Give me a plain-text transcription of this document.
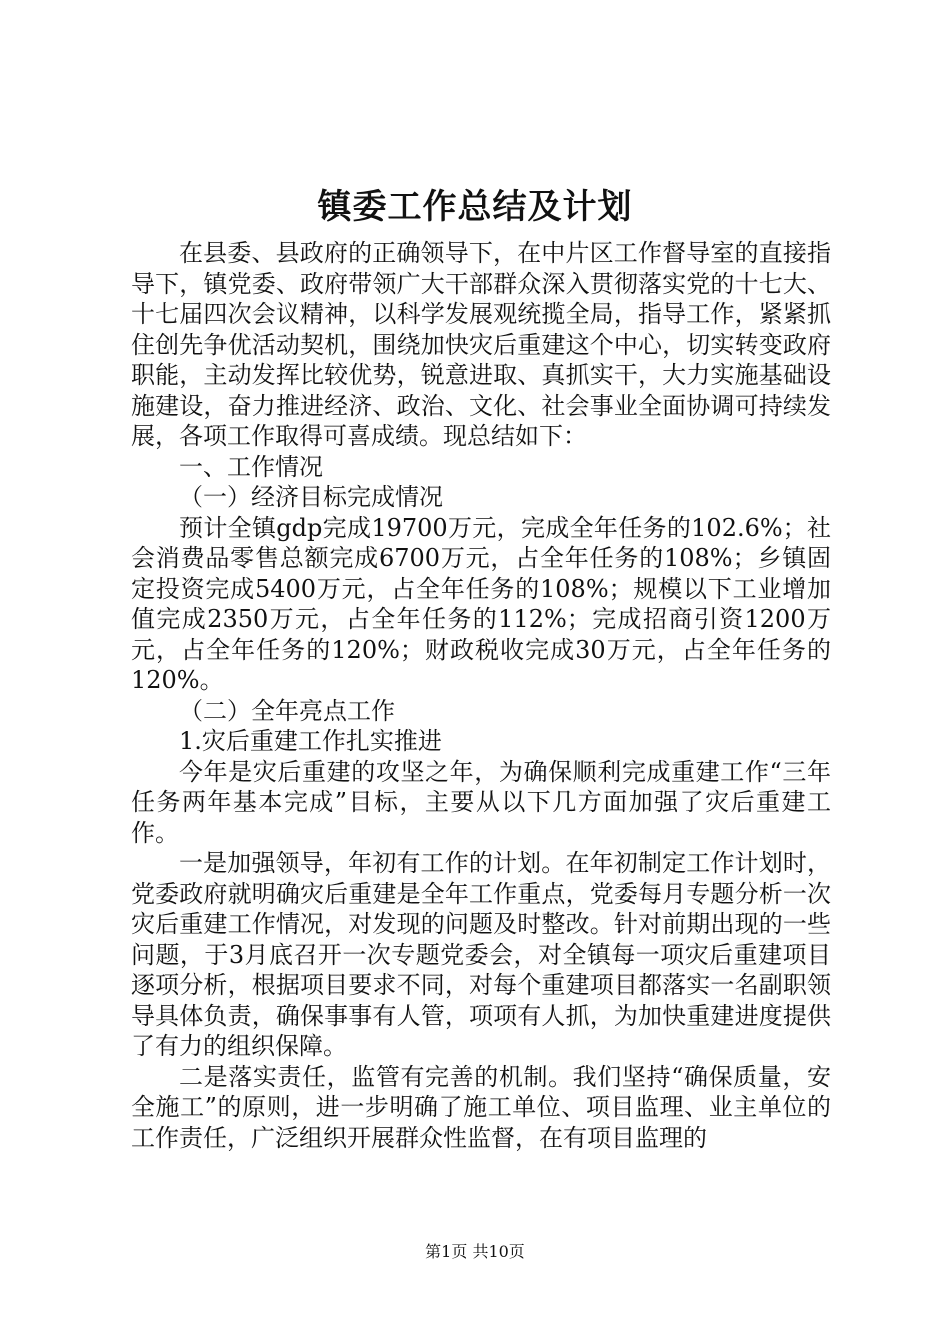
镇委工作总结及计划

在县委、县政府的正确领导下，在中片区工作督导室的直接指导下，镇党委、政府带领广大干部群众深入贯彻落实党的十七大、十七届四次会议精神，以科学发展观统揽全局，指导工作，紧紧抓住创先争优活动契机，围绕加快灾后重建这个中心，切实转变政府职能，主动发挥比较优势，锐意进取、真抓实干，大力实施基础设施建设，奋力推进经济、政治、文化、社会事业全面协调可持续发展，各项工作取得可喜成绩。现总结如下：

一、工作情况

（一）经济目标完成情况

预计全镇gdp完成19700万元，完成全年任务的102.6%；社会消费品零售总额完成6700万元，占全年任务的108%；乡镇固定投资完成5400万元，占全年任务的108%；规模以下工业增加值完成2350万元，占全年任务的112%；完成招商引资1200万元，占全年任务的120%；财政税收完成30万元，占全年任务的120%。

（二）全年亮点工作

1.灾后重建工作扎实推进

今年是灾后重建的攻坚之年，为确保顺利完成重建工作“三年任务两年基本完成”目标，主要从以下几方面加强了灾后重建工作。

一是加强领导，年初有工作的计划。在年初制定工作计划时，党委政府就明确灾后重建是全年工作重点，党委每月专题分析一次灾后重建工作情况，对发现的问题及时整改。针对前期出现的一些问题，于3月底召开一次专题党委会，对全镇每一项灾后重建项目逐项分析，根据项目要求不同，对每个重建项目都落实一名副职领导具体负责，确保事事有人管，项项有人抓，为加快重建进度提供了有力的组织保障。

二是落实责任，监管有完善的机制。我们坚持“确保质量，安全施工”的原则，进一步明确了施工单位、项目监理、业主单位的工作责任，广泛组织开展群众性监督，在有项目监理的

第1页 共10页
